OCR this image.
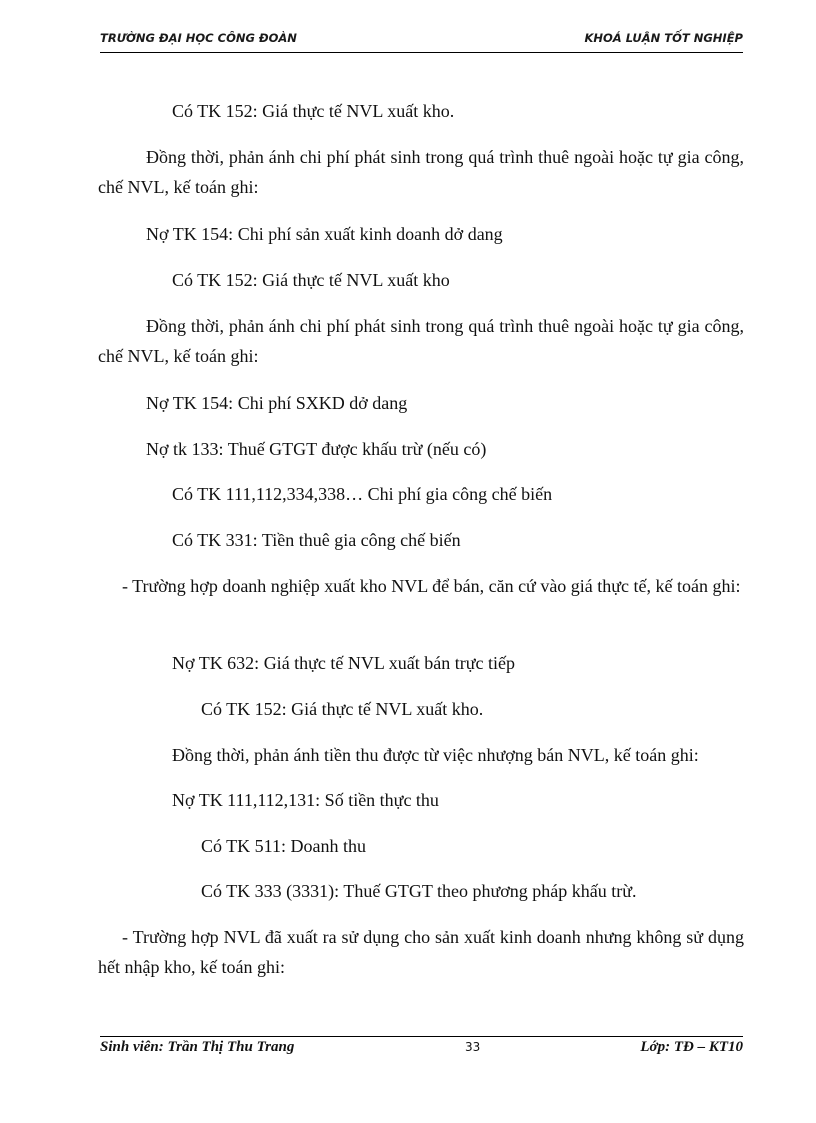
TRƯỜNG ĐẠI HỌC CÔNG ĐOÀN	KHOÁ LUẬN TỐT NGHIỆP
Có TK 152: Giá thực tế NVL xuất kho.
Đồng thời, phản ánh chi phí phát sinh trong quá trình thuê ngoài hoặc tự gia công, chế NVL, kế toán ghi:
Nợ TK 154: Chi phí sản xuất kinh doanh dở dang
Có TK 152: Giá thực tế NVL xuất kho
Đồng thời, phản ánh chi phí phát sinh trong quá trình thuê ngoài hoặc tự gia công, chế NVL, kế toán ghi:
Nợ TK 154: Chi phí SXKD dở dang
Nợ tk 133: Thuế GTGT được khấu trừ (nếu có)
Có TK 111,112,334,338… Chi phí gia công chế biến
Có TK 331: Tiền thuê gia công chế biến
- Trường hợp doanh nghiệp xuất kho NVL để bán, căn cứ vào giá thực tế, kế toán ghi:
Nợ TK 632: Giá thực tế NVL xuất bán trực tiếp
Có TK 152: Giá thực tế NVL xuất kho.
Đồng thời, phản ánh tiền thu được từ việc nhượng bán NVL, kế toán ghi:
Nợ TK 111,112,131: Số tiền thực thu
Có TK 511: Doanh thu
Có TK 333 (3331): Thuế GTGT theo phương pháp khấu trừ.
- Trường hợp NVL đã xuất ra sử dụng cho sản xuất kinh doanh nhưng không sử dụng hết nhập kho, kế toán ghi:
Sinh viên: Trần Thị Thu Trang	33	Lớp: TĐ – KT10
